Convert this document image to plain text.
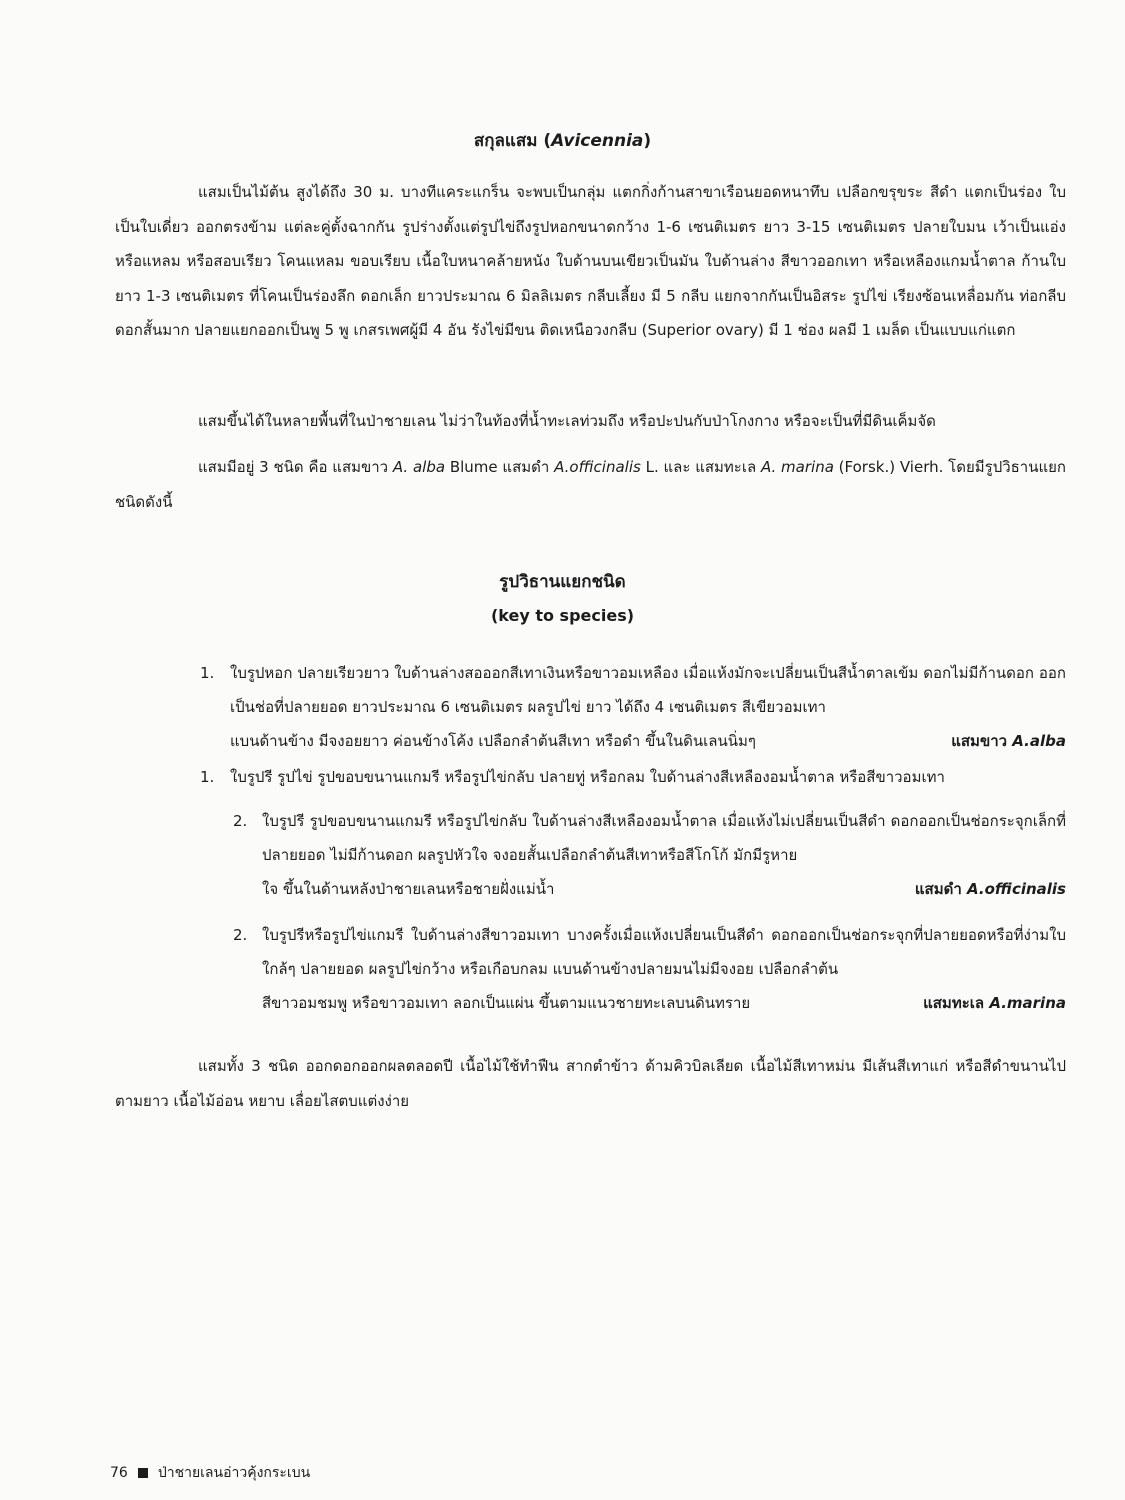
สกุลแสม (Avicennia)

แสมเป็นไม้ต้น สูงได้ถึง 30 ม. บางทีแคระแกร็น จะพบเป็นกลุ่ม แตกกิ่งก้านสาขาเรือนยอดหนาทึบ เปลือกขรุขระ สีดำ แตกเป็นร่อง ใบเป็นใบเดี่ยว ออกตรงข้าม แต่ละคู่ตั้งฉากกัน รูปร่างตั้งแต่รูปไข่ถึงรูปหอกขนาดกว้าง 1-6 เซนติเมตร ยาว 3-15 เซนติเมตร ปลายใบมน เว้าเป็นแอ่ง หรือแหลม หรือสอบเรียว โคนแหลม ขอบเรียบ เนื้อใบหนาคล้ายหนัง ใบด้านบนเขียวเป็นมัน ใบด้านล่าง สีขาวออกเทา หรือเหลืองแกมน้ำตาล ก้านใบยาว 1-3 เซนติเมตร ที่โคนเป็นร่องลึก ดอกเล็ก ยาวประมาณ 6 มิลลิเมตร กลีบเลี้ยง มี 5 กลีบ แยกจากกันเป็นอิสระ รูปไข่ เรียงซ้อนเหลื่อมกัน ท่อกลีบดอกสั้นมาก ปลายแยกออกเป็นพู 5 พู เกสรเพศผู้มี 4 อัน รังไข่มีขน ติดเหนือวงกลีบ (Superior ovary) มี 1 ช่อง ผลมี 1 เมล็ด เป็นแบบแก่แตก

แสมขึ้นได้ในหลายพื้นที่ในป่าชายเลน ไม่ว่าในท้องที่น้ำทะเลท่วมถึง หรือปะปนกับป่าโกงกาง หรือจะเป็นที่มีดินเค็มจัด

แสมมีอยู่ 3 ชนิด คือ แสมขาว A. alba Blume แสมดำ A.officinalis L. และ แสมทะเล A. marina (Forsk.) Vierh. โดยมีรูปวิธานแยกชนิดดังนี้

รูปวิธานแยกชนิด
(key to species)
1.	ใบรูปหอก ปลายเรียวยาว ใบด้านล่างสอออกสีเทาเงินหรือขาวอมเหลือง เมื่อแห้งมักจะเปลี่ยนเป็นสีน้ำตาลเข้ม ดอกไม่มีก้านดอก ออกเป็นช่อที่ปลายยอด ยาวประมาณ 6 เซนติเมตร ผลรูปไข่ ยาว ได้ถึง 4 เซนติเมตร สีเขียวอมเทา
แบนด้านข้าง มีจงอยยาว ค่อนข้างโค้ง เปลือกลำต้นสีเทา หรือดำ ขึ้นในดินเลนนิ่มๆ	แสมขาว A.alba
1.	ใบรูปรี รูปไข่ รูปขอบขนานแกมรี หรือรูปไข่กลับ ปลายทู่ หรือกลม ใบด้านล่างสีเหลืองอมน้ำตาล หรือสีขาวอมเทา
2. ใบรูปรี รูปขอบขนานแกมรี หรือรูปไข่กลับ ใบด้านล่างสีเหลืองอมน้ำตาล เมื่อแห้งไม่เปลี่ยนเป็นสีดำ ดอกออกเป็นช่อกระจุกเล็กที่ปลายยอด ไม่มีก้านดอก ผลรูปหัวใจ จงอยสั้นเปลือกลำต้นสีเทาหรือสีโกโก้ มักมีรูหาย
ใจ ขึ้นในด้านหลังป่าชายเลนหรือชายฝั่งแม่น้ำ	แสมดำ A.officinalis
2. ใบรูปรีหรือรูปไข่แกมรี ใบด้านล่างสีขาวอมเทา บางครั้งเมื่อแห้งเปลี่ยนเป็นสีดำ ดอกออกเป็นช่อกระจุกที่ปลายยอดหรือที่ง่ามใบใกล้ๆ ปลายยอด ผลรูปไข่กว้าง หรือเกือบกลม แบนด้านข้างปลายมนไม่มีจงอย เปลือกลำต้น
สีขาวอมชมพู หรือขาวอมเทา ลอกเป็นแผ่น ขึ้นตามแนวชายทะเลบนดินทราย	แสมทะเล A.marina

แสมทั้ง 3 ชนิด ออกดอกออกผลตลอดปี เนื้อไม้ใช้ทำฟืน สากตำข้าว ด้ามคิวบิลเลียด เนื้อไม้สีเทาหม่น มีเส้นสีเทาแก่ หรือสีดำขนานไปตามยาว เนื้อไม้อ่อน หยาบ เลื่อยไสตบแต่งง่าย

76 ป่าชายเลนอ่าวคุ้งกระเบน
